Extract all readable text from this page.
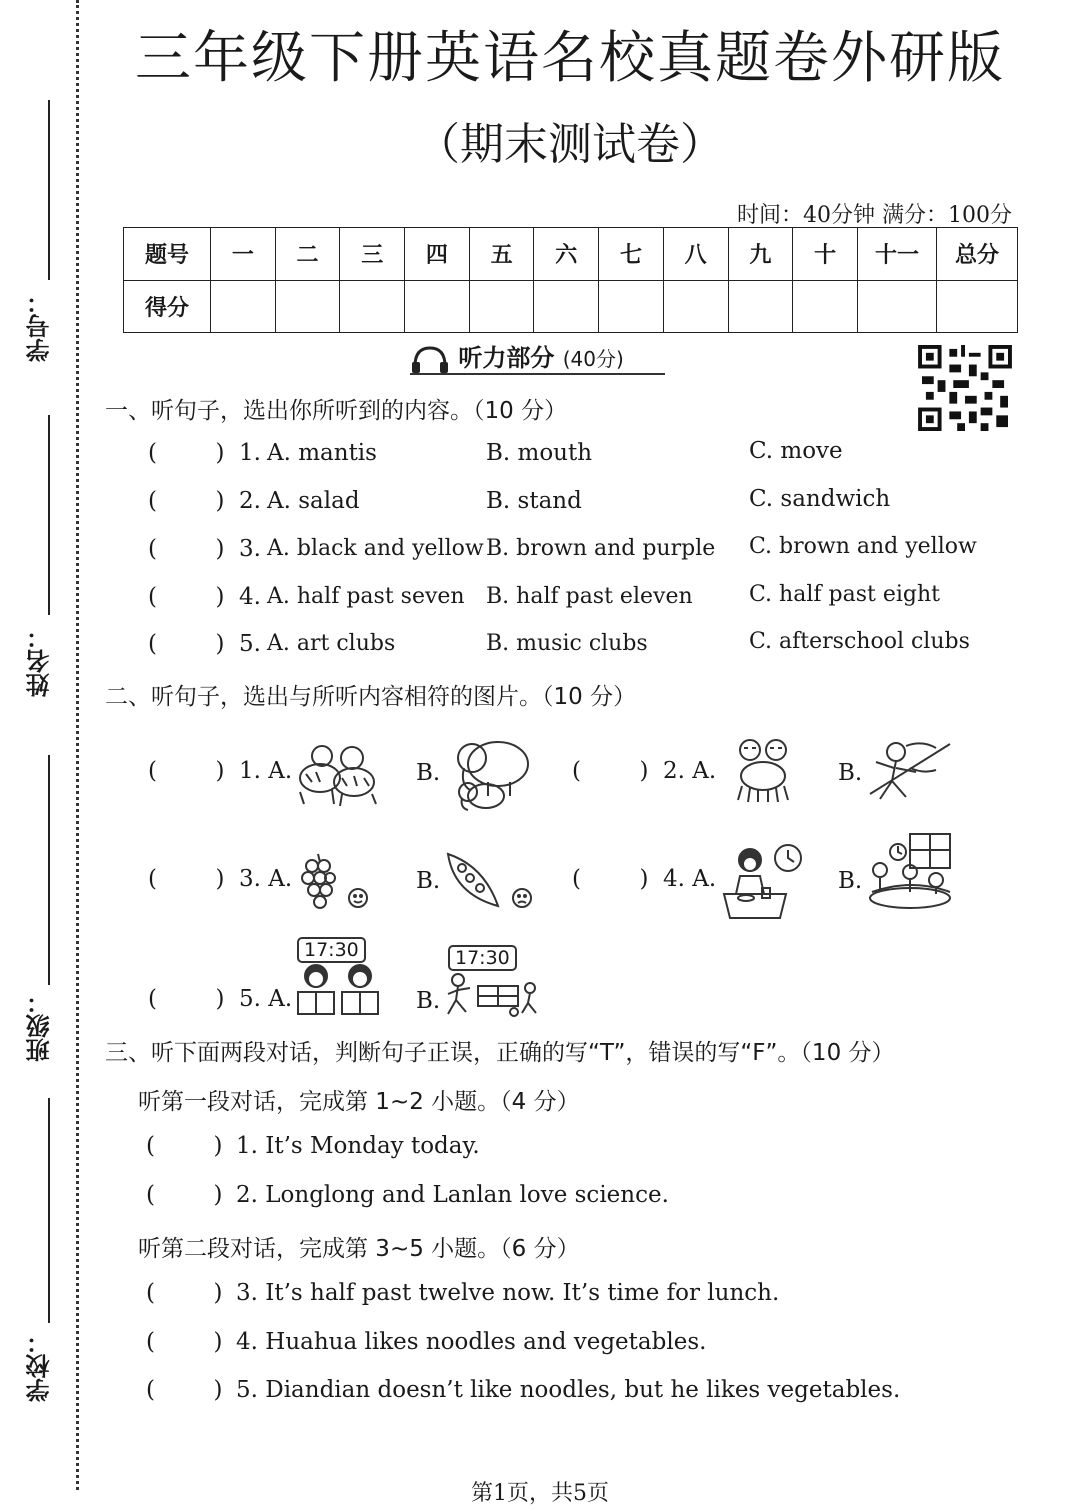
学号：
姓名：
班级：
学校：
三年级下册英语名校真题卷外研版
（期末测试卷）
时间：40分钟 满分：100分
题号	一	二	三	四	五	六	七	八	九	十	十一	总分
得分												
听力部分 (40分)
一、听句子，选出你所听到的内容。（10 分）
(        ) 1. A. mantis	B. mouth	C. move
(        ) 2. A. salad	B. stand	C. sandwich
(        ) 3. A. black and yellow B. brown and purple C. brown and yellow
(        ) 4. A. half past seven B. half past eleven	C. half past eight
(        ) 5. A. art clubs	B. music clubs	C. afterschool clubs
二、听句子，选出与所听内容相符的图片。（10 分）
(        ) 1. A.	B.	(        ) 2. A.	B.
(        ) 3. A.	B.	(        ) 4. A.	B.
(        ) 5. A.
17:30
B.
17:30
三、听下面两段对话，判断句子正误，正确的写“T”，错误的写“F”。（10 分）
听第一段对话，完成第 1~2 小题。（4 分）
(        ) 1. It’s Monday today.
(        ) 2. Longlong and Lanlan love science.
听第二段对话，完成第 3~5 小题。（6 分）
(        ) 3. It’s half past twelve now. It’s time for lunch.
(        ) 4. Huahua likes noodles and vegetables.
(        ) 5. Diandian doesn’t like noodles, but he likes vegetables.
第1页，共5页
